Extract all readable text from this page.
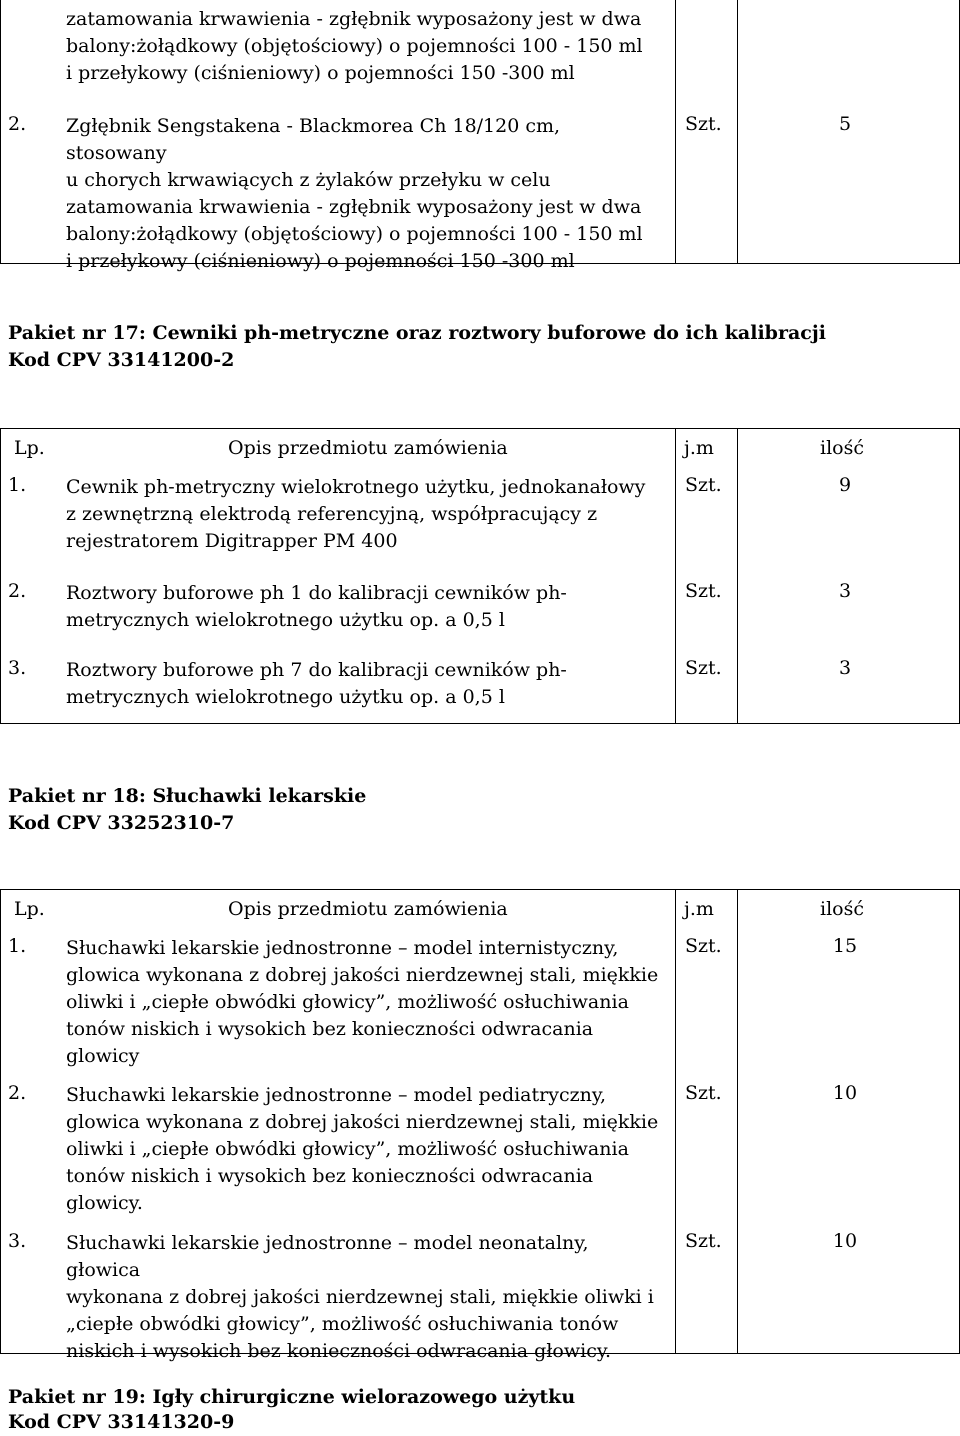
zatamowania krwawienia - zgłębnik wyposażony jest w dwa
balony:żołądkowy (objętościowy) o pojemności 100 - 150 ml
i przełykowy (ciśnieniowy) o pojemności 150 -300 ml
2. Zgłębnik Sengstakena - Blackmorea Ch 18/120 cm, stosowany
u chorych krwawiących z żylaków przełyku w celu
zatamowania krwawienia - zgłębnik wyposażony jest w dwa
balony:żołądkowy (objętościowy) o pojemności 100 - 150 ml
i przełykowy (ciśnieniowy) o pojemności 150 -300 ml
Szt.	5
Pakiet nr 17: Cewniki ph-metryczne oraz roztwory buforowe do ich kalibracji
Kod CPV 33141200-2
Lp.	Opis przedmiotu zamówienia	j.m	ilość
1. Cewnik ph-metryczny wielokrotnego użytku, jednokanałowy
z zewnętrzną elektrodą referencyjną, współpracujący z
rejestratorem Digitrapper PM 400
Szt.	9
2. Roztwory buforowe ph 1 do kalibracji cewników ph-
metrycznych wielokrotnego użytku op. a 0,5 l
Szt.	3
3. Roztwory buforowe ph 7 do kalibracji cewników ph-
metrycznych wielokrotnego użytku op. a 0,5 l
Szt.	3
Pakiet nr 18: Słuchawki lekarskie
Kod CPV 33252310-7
Lp.	Opis przedmiotu zamówienia	j.m	ilość
1. Słuchawki lekarskie jednostronne – model internistyczny,
glowica wykonana z dobrej jakości nierdzewnej stali, miękkie
oliwki i „ciepłe obwódki głowicy”, możliwość osłuchiwania
tonów niskich i wysokich bez konieczności odwracania
glowicy
Szt.	15
2. Słuchawki lekarskie jednostronne – model pediatryczny,
glowica wykonana z dobrej jakości nierdzewnej stali, miękkie
oliwki i „ciepłe obwódki głowicy”, możliwość osłuchiwania
tonów niskich i wysokich bez konieczności odwracania
glowicy.
Szt.	10
3. Słuchawki lekarskie jednostronne – model neonatalny, głowica
wykonana z dobrej jakości nierdzewnej stali, miękkie oliwki i
„ciepłe obwódki głowicy”, możliwość osłuchiwania tonów
niskich i wysokich bez konieczności odwracania głowicy.
Szt.	10
Pakiet nr 19: Igły chirurgiczne wielorazowego użytku
Kod CPV 33141320-9
